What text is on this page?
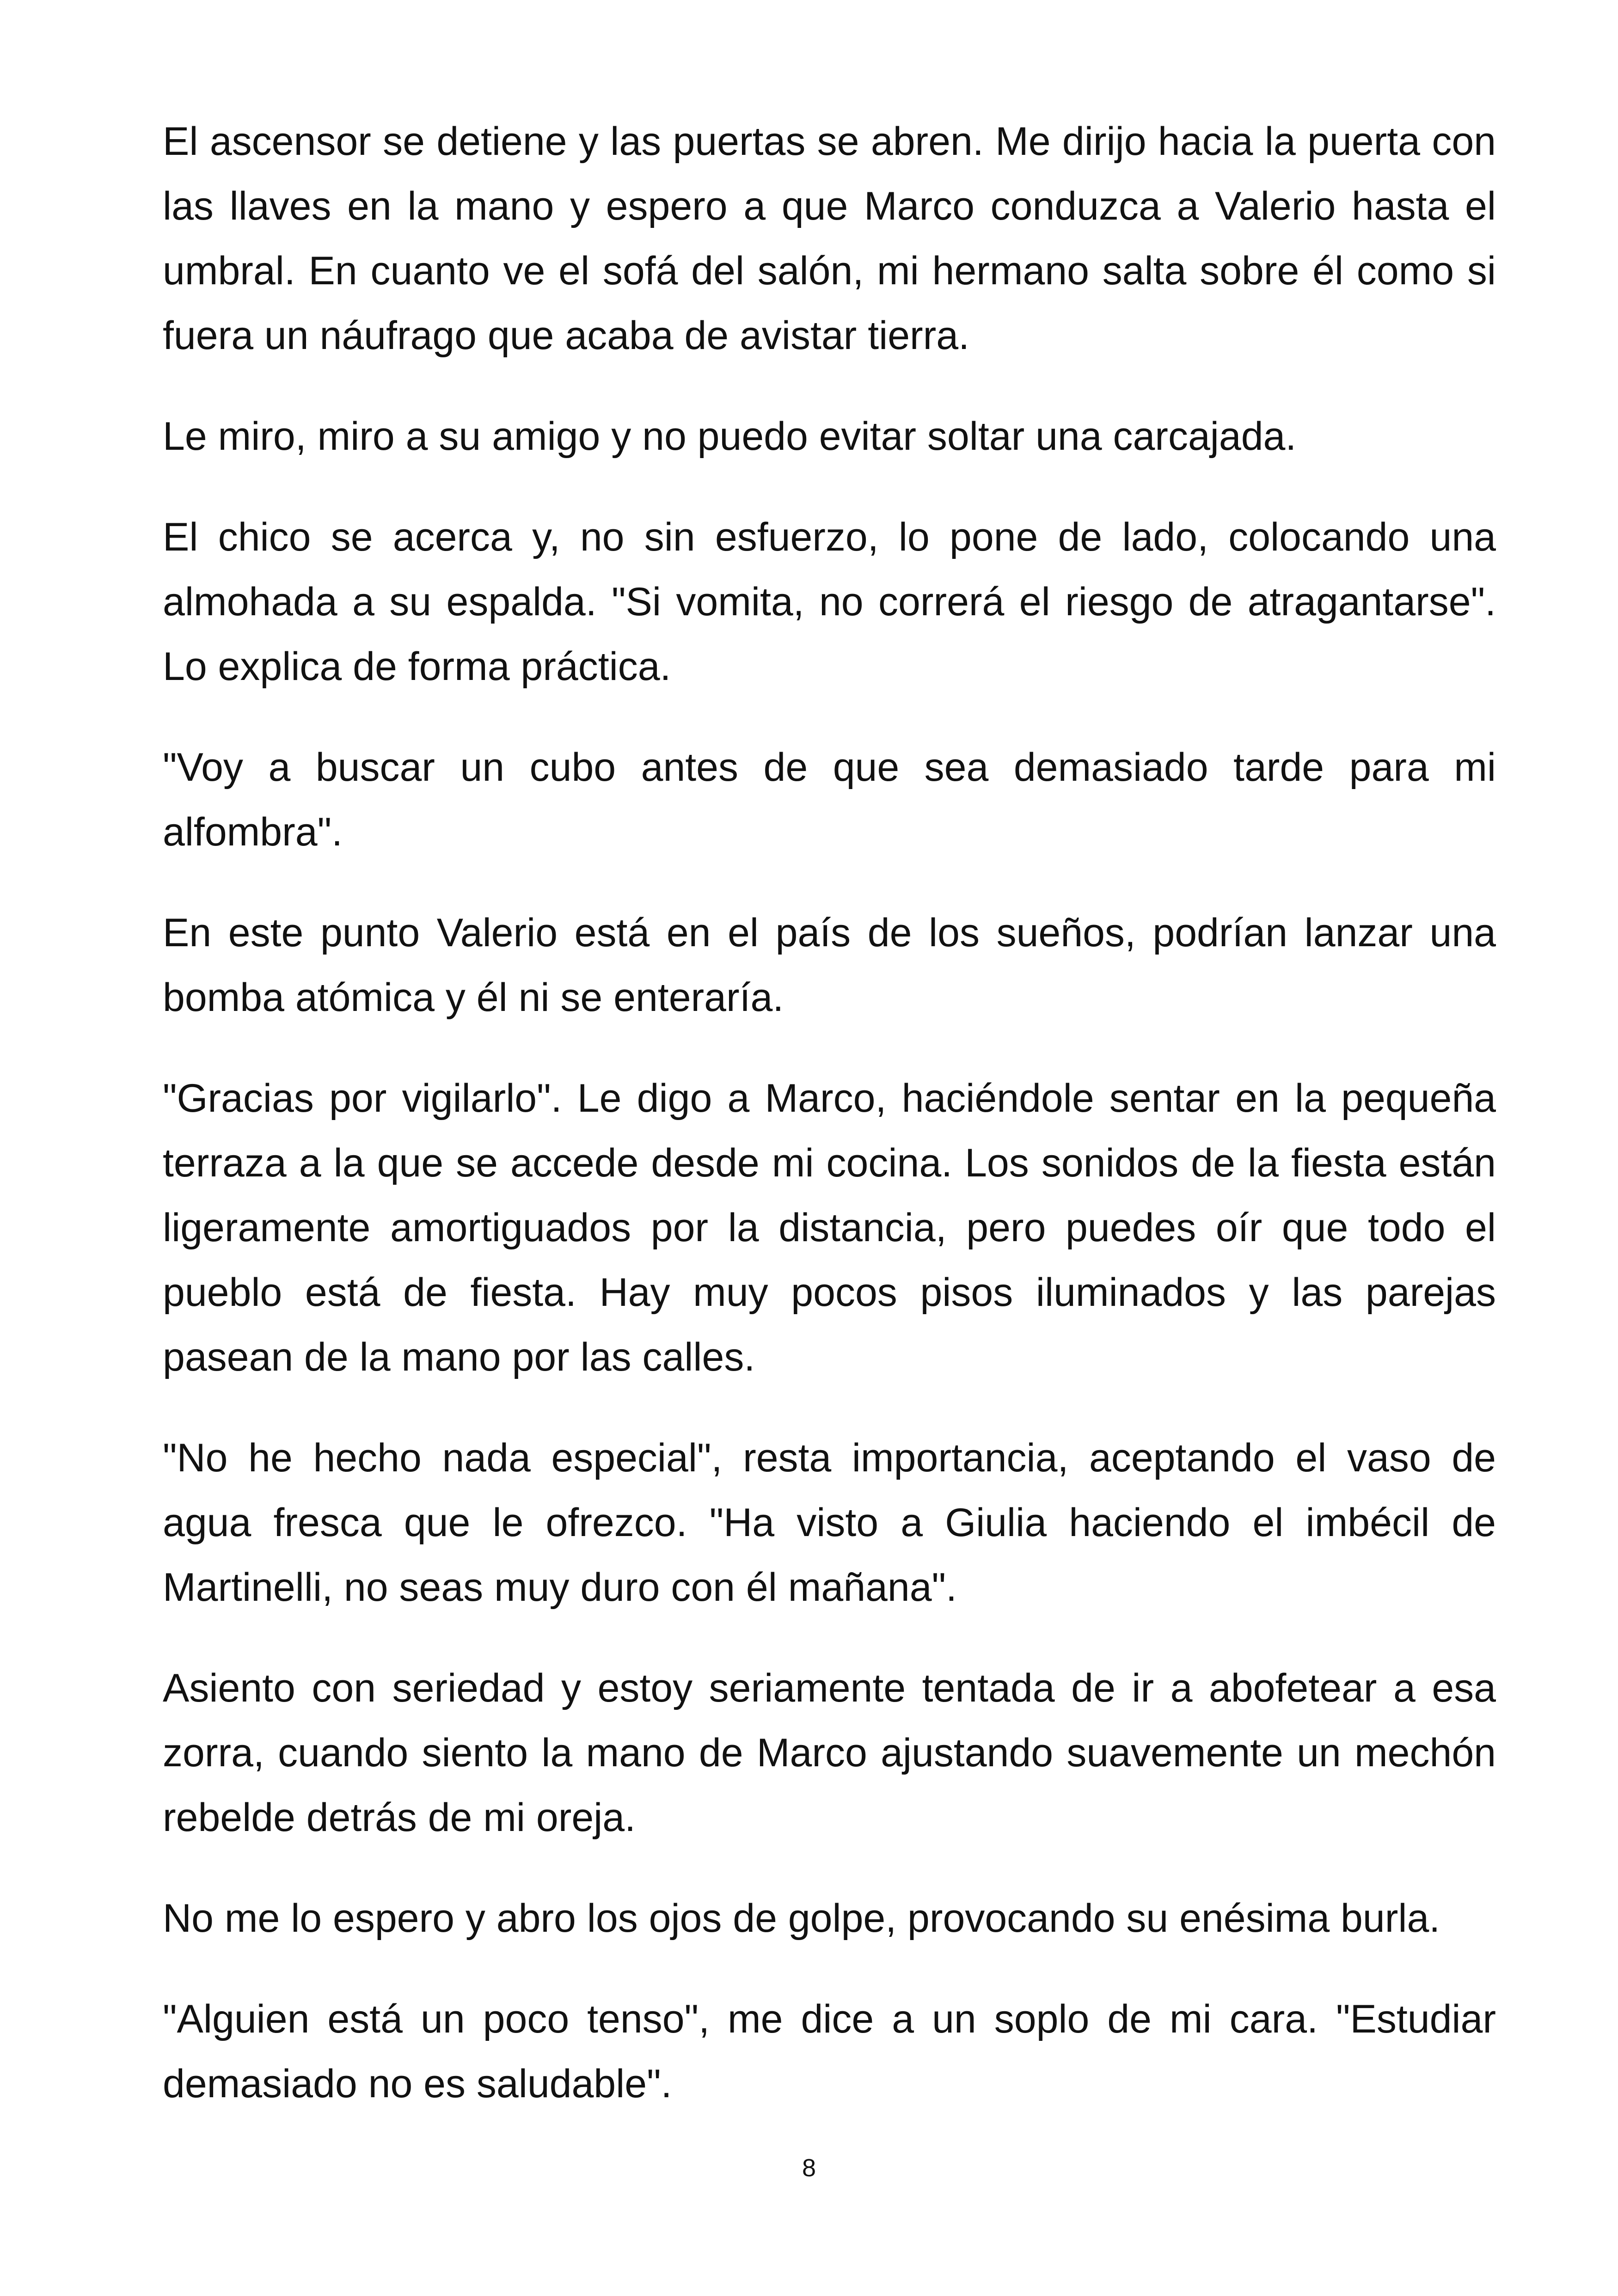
El ascensor se detiene y las puertas se abren. Me dirijo hacia la puerta con las llaves en la mano y espero a que Marco conduzca a Valerio hasta el umbral. En cuanto ve el sofá del salón, mi hermano salta sobre él como si fuera un náufrago que acaba de avistar tierra.

Le miro, miro a su amigo y no puedo evitar soltar una carcajada.

El chico se acerca y, no sin esfuerzo, lo pone de lado, colocando una almohada a su espalda. "Si vomita, no correrá el riesgo de atragantarse". Lo explica de forma práctica.

"Voy a buscar un cubo antes de que sea demasiado tarde para mi alfombra".

En este punto Valerio está en el país de los sueños, podrían lanzar una bomba atómica y él ni se enteraría.

"Gracias por vigilarlo". Le digo a Marco, haciéndole sentar en la pequeña terraza a la que se accede desde mi cocina. Los sonidos de la fiesta están ligeramente amortiguados por la distancia, pero puedes oír que todo el pueblo está de fiesta. Hay muy pocos pisos iluminados y las parejas pasean de la mano por las calles.

"No he hecho nada especial", resta importancia, aceptando el vaso de agua fresca que le ofrezco. "Ha visto a Giulia haciendo el imbécil de Martinelli, no seas muy duro con él mañana".

Asiento con seriedad y estoy seriamente tentada de ir a abofetear a esa zorra, cuando siento la mano de Marco ajustando suavemente un mechón rebelde detrás de mi oreja.

No me lo espero y abro los ojos de golpe, provocando su enésima burla.

"Alguien está un poco tenso", me dice a un soplo de mi cara. "Estudiar demasiado no es saludable".

8
